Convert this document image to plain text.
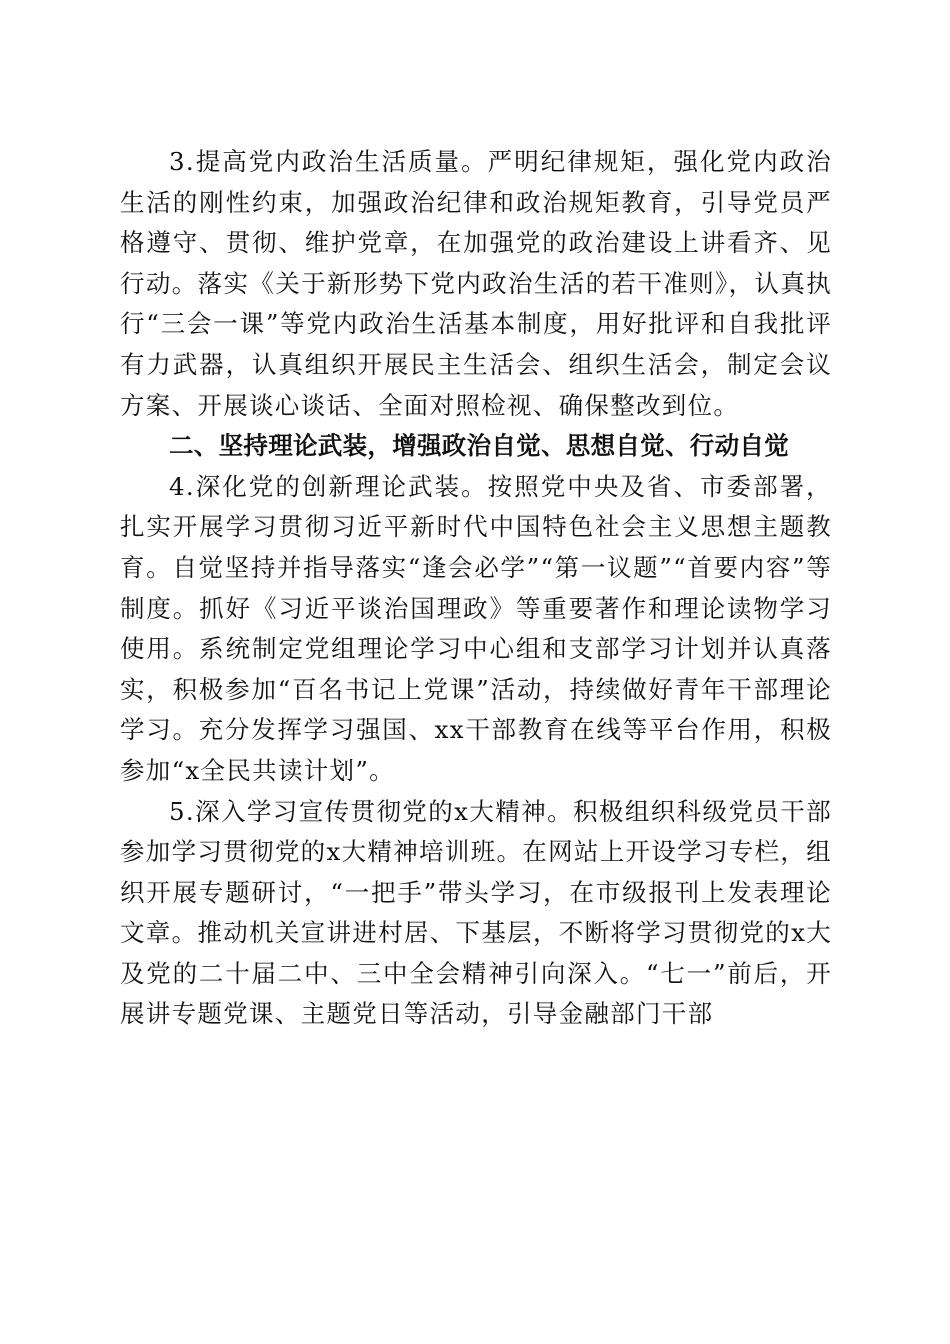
3.提高党内政治生活质量。严明纪律规矩，强化党内政治生活的刚性约束，加强政治纪律和政治规矩教育，引导党员严格遵守、贯彻、维护党章，在加强党的政治建设上讲看齐、见行动。落实《关于新形势下党内政治生活的若干准则》，认真执行“三会一课”等党内政治生活基本制度，用好批评和自我批评有力武器，认真组织开展民主生活会、组织生活会，制定会议方案、开展谈心谈话、全面对照检视、确保整改到位。

二、坚持理论武装，增强政治自觉、思想自觉、行动自觉

4.深化党的创新理论武装。按照党中央及省、市委部署，扎实开展学习贯彻习近平新时代中国特色社会主义思想主题教育。自觉坚持并指导落实“逢会必学”“第一议题”“首要内容”等制度。抓好《习近平谈治国理政》等重要著作和理论读物学习使用。系统制定党组理论学习中心组和支部学习计划并认真落实，积极参加“百名书记上党课”活动，持续做好青年干部理论学习。充分发挥学习强国、xx干部教育在线等平台作用，积极参加“x全民共读计划”。

5.深入学习宣传贯彻党的x大精神。积极组织科级党员干部参加学习贯彻党的x大精神培训班。在网站上开设学习专栏，组织开展专题研讨，“一把手”带头学习，在市级报刊上发表理论文章。推动机关宣讲进村居、下基层，不断将学习贯彻党的x大及党的二十届二中、三中全会精神引向深入。“七一”前后，开展讲专题党课、主题党日等活动，引导金融部门干部
